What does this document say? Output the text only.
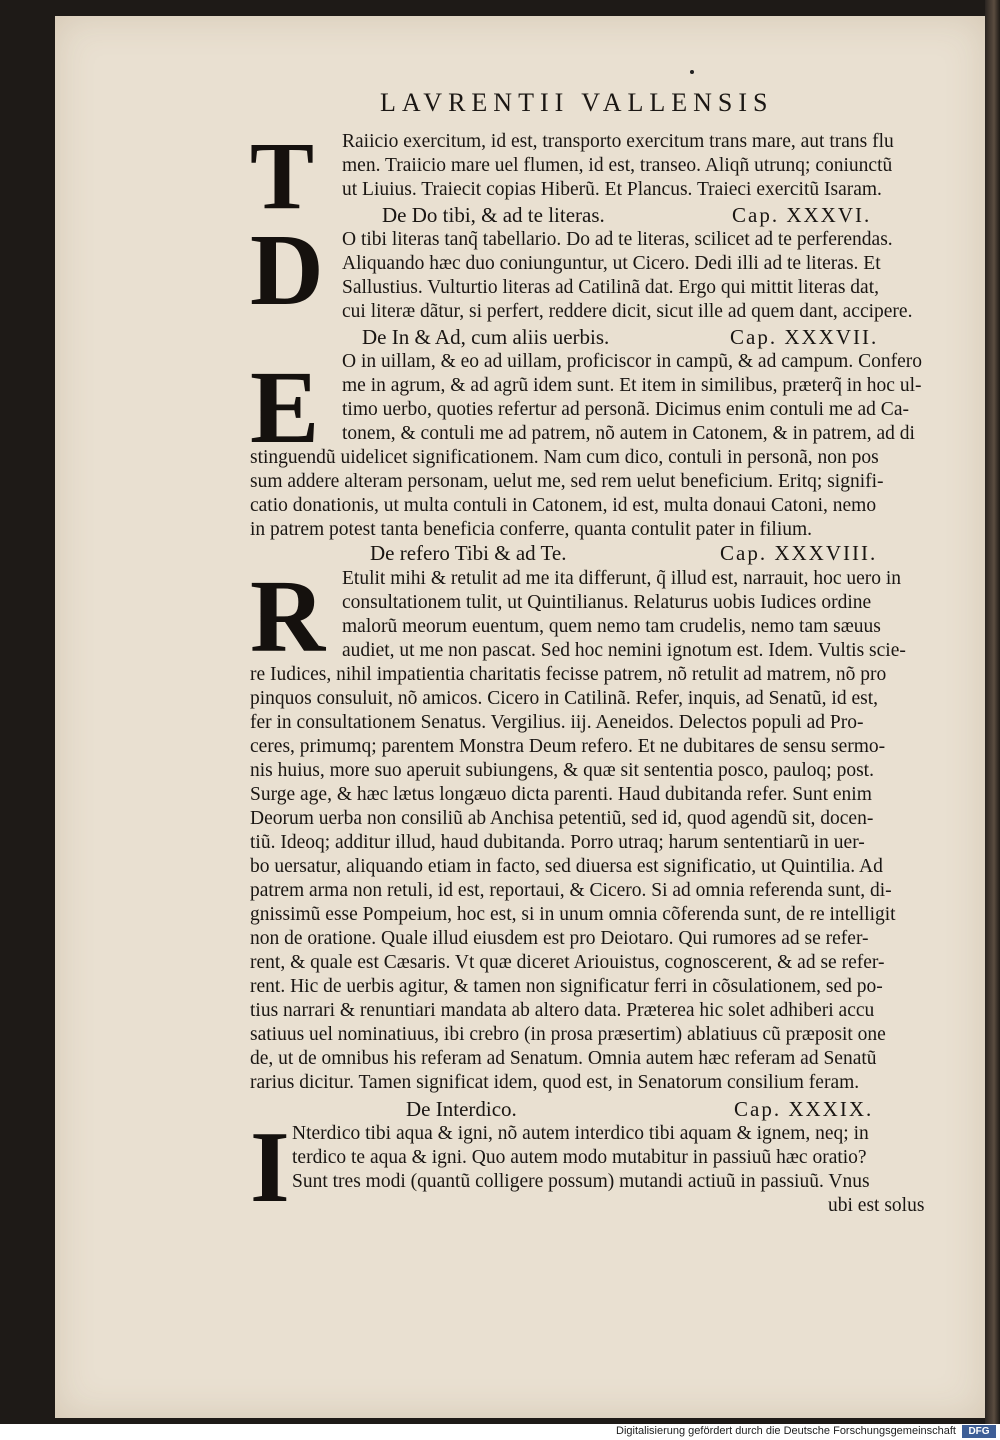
LAVRENTII VALLENSIS
T
D
E
R
I
Raiicio exercitum, id est, transporto exercitum trans mare, aut trans flu
men. Traiicio mare uel flumen, id est, transeo. Aliqñ utrunq; coniunctũ
ut Liuius. Traiecit copias Hiberũ. Et Plancus. Traieci exercitũ Isaram.
De Do tibi, & ad te literas.	Cap. XXXVI.
O tibi literas tanq̃ tabellario. Do ad te literas, scilicet ad te perferendas.
Aliquando hæc duo coniunguntur, ut Cicero. Dedi illi ad te literas. Et
Sallustius. Vulturtio literas ad Catilinã dat. Ergo qui mittit literas dat,
cui literæ dãtur, si perfert, reddere dicit, sicut ille ad quem dant, accipere.
De In & Ad, cum aliis uerbis.	Cap. XXXVII.
O in uillam, & eo ad uillam, proficiscor in campũ, & ad campum. Confero
me in agrum, & ad agrũ idem sunt. Et item in similibus, præterq̃ in hoc ul-
timo uerbo, quoties refertur ad personã. Dicimus enim contuli me ad Ca-
tonem, & contuli me ad patrem, nõ autem in Catonem, & in patrem, ad di
stinguendũ uidelicet significationem. Nam cum dico, contuli in personã, non pos
sum addere alteram personam, uelut me, sed rem uelut beneficium. Eritq; signifi-
catio donationis, ut multa contuli in Catonem, id est, multa donaui Catoni, nemo
in patrem potest tanta beneficia conferre, quanta contulit pater in filium.
De refero Tibi & ad Te.	Cap. XXXVIII.
Etulit mihi & retulit ad me ita differunt, q̃ illud est, narrauit, hoc uero in
consultationem tulit, ut Quintilianus. Relaturus uobis Iudices ordine
malorũ meorum euentum, quem nemo tam crudelis, nemo tam sæuus
audiet, ut me non pascat. Sed hoc nemini ignotum est. Idem. Vultis scie-
re Iudices, nihil impatientia charitatis fecisse patrem, nõ retulit ad matrem, nõ pro
pinquos consuluit, nõ amicos. Cicero in Catilinã. Refer, inquis, ad Senatũ, id est,
fer in consultationem Senatus. Vergilius. iij. Aeneidos. Delectos populi ad Pro-
ceres, primumq; parentem Monstra Deum refero. Et ne dubitares de sensu sermo-
nis huius, more suo aperuit subiungens, & quæ sit sententia posco, pauloq; post.
Surge age, & hæc lætus longæuo dicta parenti. Haud dubitanda refer. Sunt enim
Deorum uerba non consiliũ ab Anchisa petentiũ, sed id, quod agendũ sit, docen-
tiũ. Ideoq; additur illud, haud dubitanda. Porro utraq; harum sententiarũ in uer-
bo uersatur, aliquando etiam in facto, sed diuersa est significatio, ut Quintilia. Ad
patrem arma non retuli, id est, reportaui, & Cicero. Si ad omnia referenda sunt, di-
gnissimũ esse Pompeium, hoc est, si in unum omnia cõferenda sunt, de re intelligit
non de oratione. Quale illud eiusdem est pro Deiotaro. Qui rumores ad se refer-
rent, & quale est Cæsaris. Vt quæ diceret Ariouistus, cognoscerent, & ad se refer-
rent. Hic de uerbis agitur, & tamen non significatur ferri in cõsulationem, sed po-
tius narrari & renuntiari mandata ab altero data. Præterea hic solet adhiberi accu
satiuus uel nominatiuus, ibi crebro (in prosa præsertim) ablatiuus cũ præposit one
de, ut de omnibus his referam ad Senatum. Omnia autem hæc referam ad Senatũ
rarius dicitur. Tamen significat idem, quod est, in Senatorum consilium feram.
De Interdico.	Cap. XXXIX.
Nterdico tibi aqua & igni, nõ autem interdico tibi aquam & ignem, neq; in
terdico te aqua & igni. Quo autem modo mutabitur in passiuũ hæc oratio?
Sunt tres modi (quantũ colligere possum) mutandi actiuũ in passiuũ. Vnus
ubi est solus
Digitalisierung gefördert durch die Deutsche Forschungsgemeinschaft	DFG
